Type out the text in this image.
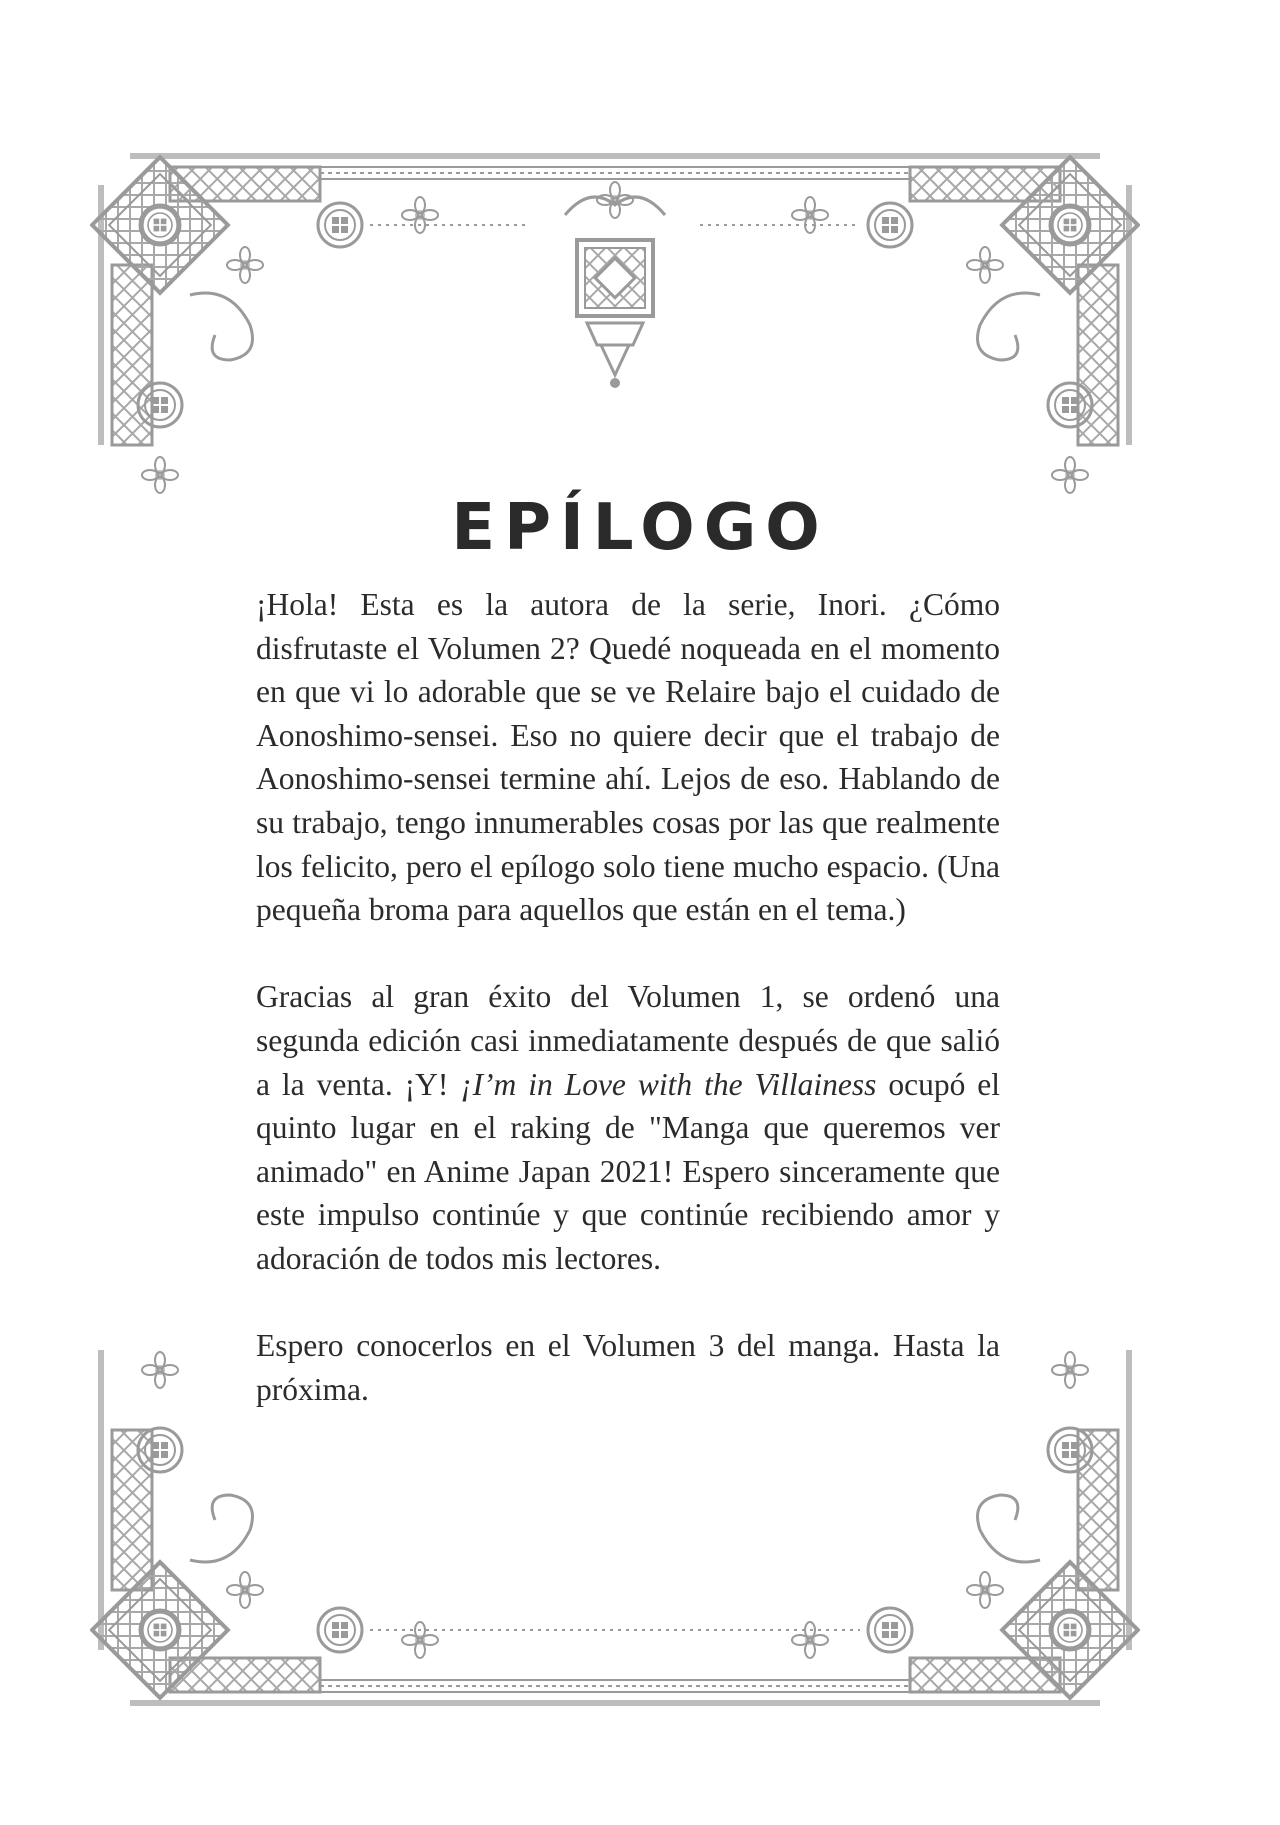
EPÍLOGO

¡Hola! Esta es la autora de la serie, Inori. ¿Cómo disfrutaste el Volumen 2? Quedé noqueada en el momento en que vi lo adorable que se ve Relaire bajo el cuidado de Aonoshimo-sensei. Eso no quiere decir que el trabajo de Aonoshimo-sensei termine ahí. Lejos de eso. Hablando de su trabajo, tengo innumerables cosas por las que realmente los felicito, pero el epílogo solo tiene mucho espacio. (Una pequeña broma para aquellos que están en el tema.)

Gracias al gran éxito del Volumen 1, se ordenó una segunda edición casi inmediatamente después de que salió a la venta. ¡Y! ¡I’m in Love with the Villainess ocupó el quinto lugar en el raking de "Manga que queremos ver animado" en Anime Japan 2021! Espero sinceramente que este impulso continúe y que continúe recibiendo amor y adoración de todos mis lectores.

Espero conocerlos en el Volumen 3 del manga. Hasta la próxima.
